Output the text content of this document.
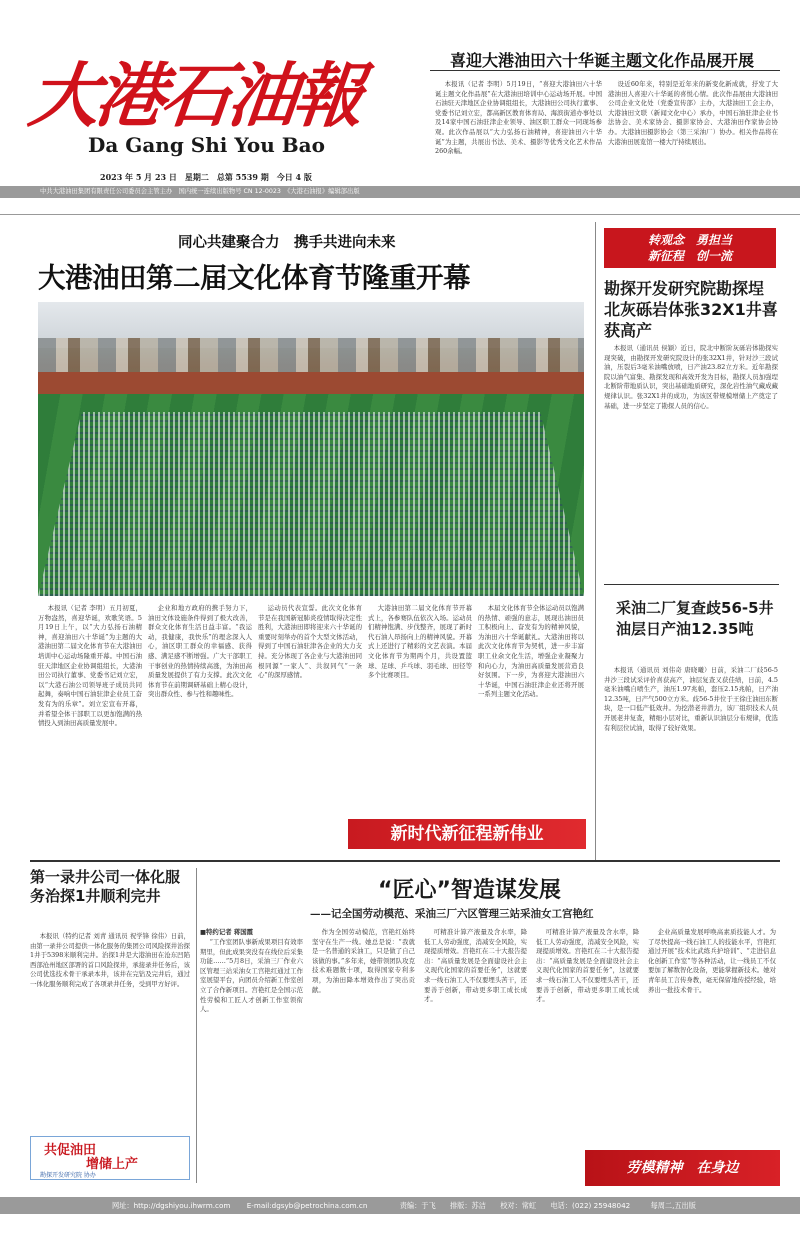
大港石油報
Da Gang Shi You Bao
2023 年 5 月 23 日　星期二　总第 5539 期　今日 4 版
中共大港油田集团有限责任公司委员会主管主办　国内统一连续出版物号 CN 12-0023　《大港石油报》编辑部出版
喜迎大港油田六十华诞主题文化作品展开展

本报讯（记者 李明）5月19日，“喜迎大港油田六十华诞主题文化作品展”在大港油田培训中心运动场开展。中国石油驻天津地区企业协调组组长，大港油田公司执行董事、党委书记刘立宏，都高新区教育体育局、海滨街道办事处以及14家中国石油驻津企业领导、油区职工群众一同现场参观。此次作品展以“大力弘扬石油精神，喜迎油田六十华诞”为主题，共展出书法、美术、摄影等优秀文化艺术作品260余幅。

设近60年来，特别是近年来的新变化新成就，抒发了大港油田人喜迎六十华诞的喜悦心情。此次作品展由大港油田公司企业文化处（党委宣传部）主办，大港油田工会主办，大港油田文联（新闻文化中心）承办，中国石油驻津企业书法协会、美术家协会、摄影家协会、大港油田作家协会协办。大港油田摄影协会（第三采油厂）协办。相关作品将在大港油田展览馆一楼大厅持续展出。

同心共建聚合力　携手共进向未来
大港油田第二届文化体育节隆重开幕

本报讯（记者 李明）五月初夏，万物盎然，喜迎华诞，欢歌笑语。5月19日上午，以“大力弘扬石油精神，喜迎油田六十华诞”为主题的大港油田第二届文化体育节在大港油田培训中心运动场隆重开幕。中国石油驻天津地区企业协调组组长，大港油田公司执行董事、党委书记刘立宏，以“大港石油公司领导班子成员共同起舞，奏响中国石油驻津企业员工奋发有为的乐章”。刘立宏宣布开幕，并希望全体干部职工以更加饱满的热情投入到油田高质量发展中。

企业和地方政府的携手努力下，油田文体设施条件得到了极大改善，群众文化体育生活日益丰富。“我运动，我健康，我快乐”的理念深入人心，油区职工群众的幸福感、获得感、满足感不断增强。广大干部职工干事创业的热情持续高涨，为油田高质量发展提供了有力支撑。此次文化体育节在前期调研基础上精心设计，突出群众性、参与性和趣味性。

运动员代表宣誓。此次文化体育节是在我国新冠肺炎疫情取得决定性胜利，大港油田即将迎来六十华诞的重要时刻举办的首个大型文体活动，得到了中国石油驻津各企业的大力支持。充分体现了各企业与大港油田同根同源“一家人”、共叙同气“一条心”的深厚感情。

大港油田第二届文化体育节开幕式上，各参赛队伍依次入场。运动员们精神饱满、步伐整齐，展现了新时代石油人昂扬向上的精神风貌。开幕式上还进行了精彩的文艺表演。本届文化体育节为期两个月，共设置篮球、足球、乒乓球、羽毛球、田径等多个比赛项目。

本届文化体育节全体运动员以饱满的热情、顽强的意志，展现出油田员工积极向上、奋发有为的精神风貌，为油田六十华诞献礼。大港油田将以此次文化体育节为契机，进一步丰富职工业余文化生活，增强企业凝聚力和向心力，为油田高质量发展营造良好氛围。下一步，为喜迎大港油田六十华诞，中国石油驻津企业还将开展一系列主题文化活动。

新时代新征程新伟业
转观念　勇担当
新征程　创一流
勘探开发研究院勘探埕北灰砾岩体张32X1井喜获高产

本报讯（通讯员 侯颖）近日，院北中断阶灰砾岩体勘探实现突破，由勘探开发研究院设计的张32X1井，针对沙三段试油，压裂后3毫米油嘴放喷，日产油23.82立方米。近年勘探院以油气富集、勘探发现和高效开发为目标，勘探人员加强埕北断阶带地质认识，突出基础地质研究，深化岩性油气藏成藏规律认识。张32X1井的成功，为该区带规模增储上产奠定了基础，进一步坚定了勘探人员的信心。

采油二厂复查歧56-5井油层日产油12.35吨

本报讯（通讯员 刘伟奇 唐晓曦）日前，采油二厂歧56-5井沙三段试采评价喜获高产，油层复查又获佳绩，日前，4.5毫米油嘴自喷生产，油压1.97兆帕，套压2.15兆帕，日产油12.35吨，日产气500立方米。歧56-5井位于王徐庄油田东断块，是一口低产低效井。为挖潜老井潜力，该厂组织技术人员开展老井复查，精细小层对比，重新认识油层分布规律，优选有利层位试油，取得了较好效果。

第一录井公司一体化服务治探1井顺利完井

本报讯（特约记者 刘青 通讯员 祝学锋 徐伟）日前，由第一录井公司提供一体化服务的集团公司风险探井治探1井于5398米顺利完井。治探1井是大港油田在沧东凹陷西部沧州地区部署的首口风险探井，承接录井任务后，该公司优选技术骨干承录本井，该井在完钻及完井后，通过一体化服务顺利完成了各项录井任务，受到甲方好评。

共促油田
增储上产
勘探开发研究院 协办
“匠心”智造谋发展
——记全国劳动模范、采油三厂六区管理三站采油女工宫艳红
■特约记者 蒋国霞

“工作室团队事新成果项目有效率期里，但此成果突没有在线位后采集功能……”5月8日，采油三厂作业六区管理三站采油女工宫艳红通过工作室展望平台，向团员介绍新工作室创立了合作新项目。宫艳红是全国示范性劳模和工匠人才创新工作室领衔人。

作为全国劳动模范，宫艳红始终坚守在生产一线。她总是说：“我就是一名普通的采油工，只是做了自己该做的事。”多年来，她带领团队攻克技术难题数十项，取得国家专利多项，为油田降本增效作出了突出贡献。

可精准计算产液量及含水率，降低工人劳动强度，消减安全风险，实现提质增效。宫艳红在二十大报告提出：“高质量发展是全面建设社会主义现代化国家的首要任务”，这就要求一线石油工人不仅要埋头苦干，还要善于创新，带动更多职工成长成才。

可精准计算产液量及含水率，降低工人劳动强度，消减安全风险，实现提质增效。宫艳红在二十大报告提出：“高质量发展是全面建设社会主义现代化国家的首要任务”，这就要求一线石油工人不仅要埋头苦干，还要善于创新，带动更多职工成长成才。

企业高质量发展呼唤高素质技能人才。为了尽快提高一线石油工人的技能水平，宫艳红通过开展“技术比武练兵护培训”、“走进信息化创新工作室”等各种活动，让一线员工不仅要加了解数智化设备，更能掌握新技术。她对青年员工言传身教，毫无保留地传授经验，培养出一批技术骨干。

劳模精神　在身边
网址：http://dgshiyou.ihwrm.com E-mail:dgsyb@petrochina.com.cn	责编：于飞 排版：苏洁 校对：常虹 电话：(022) 25948042	每周二,五出版
